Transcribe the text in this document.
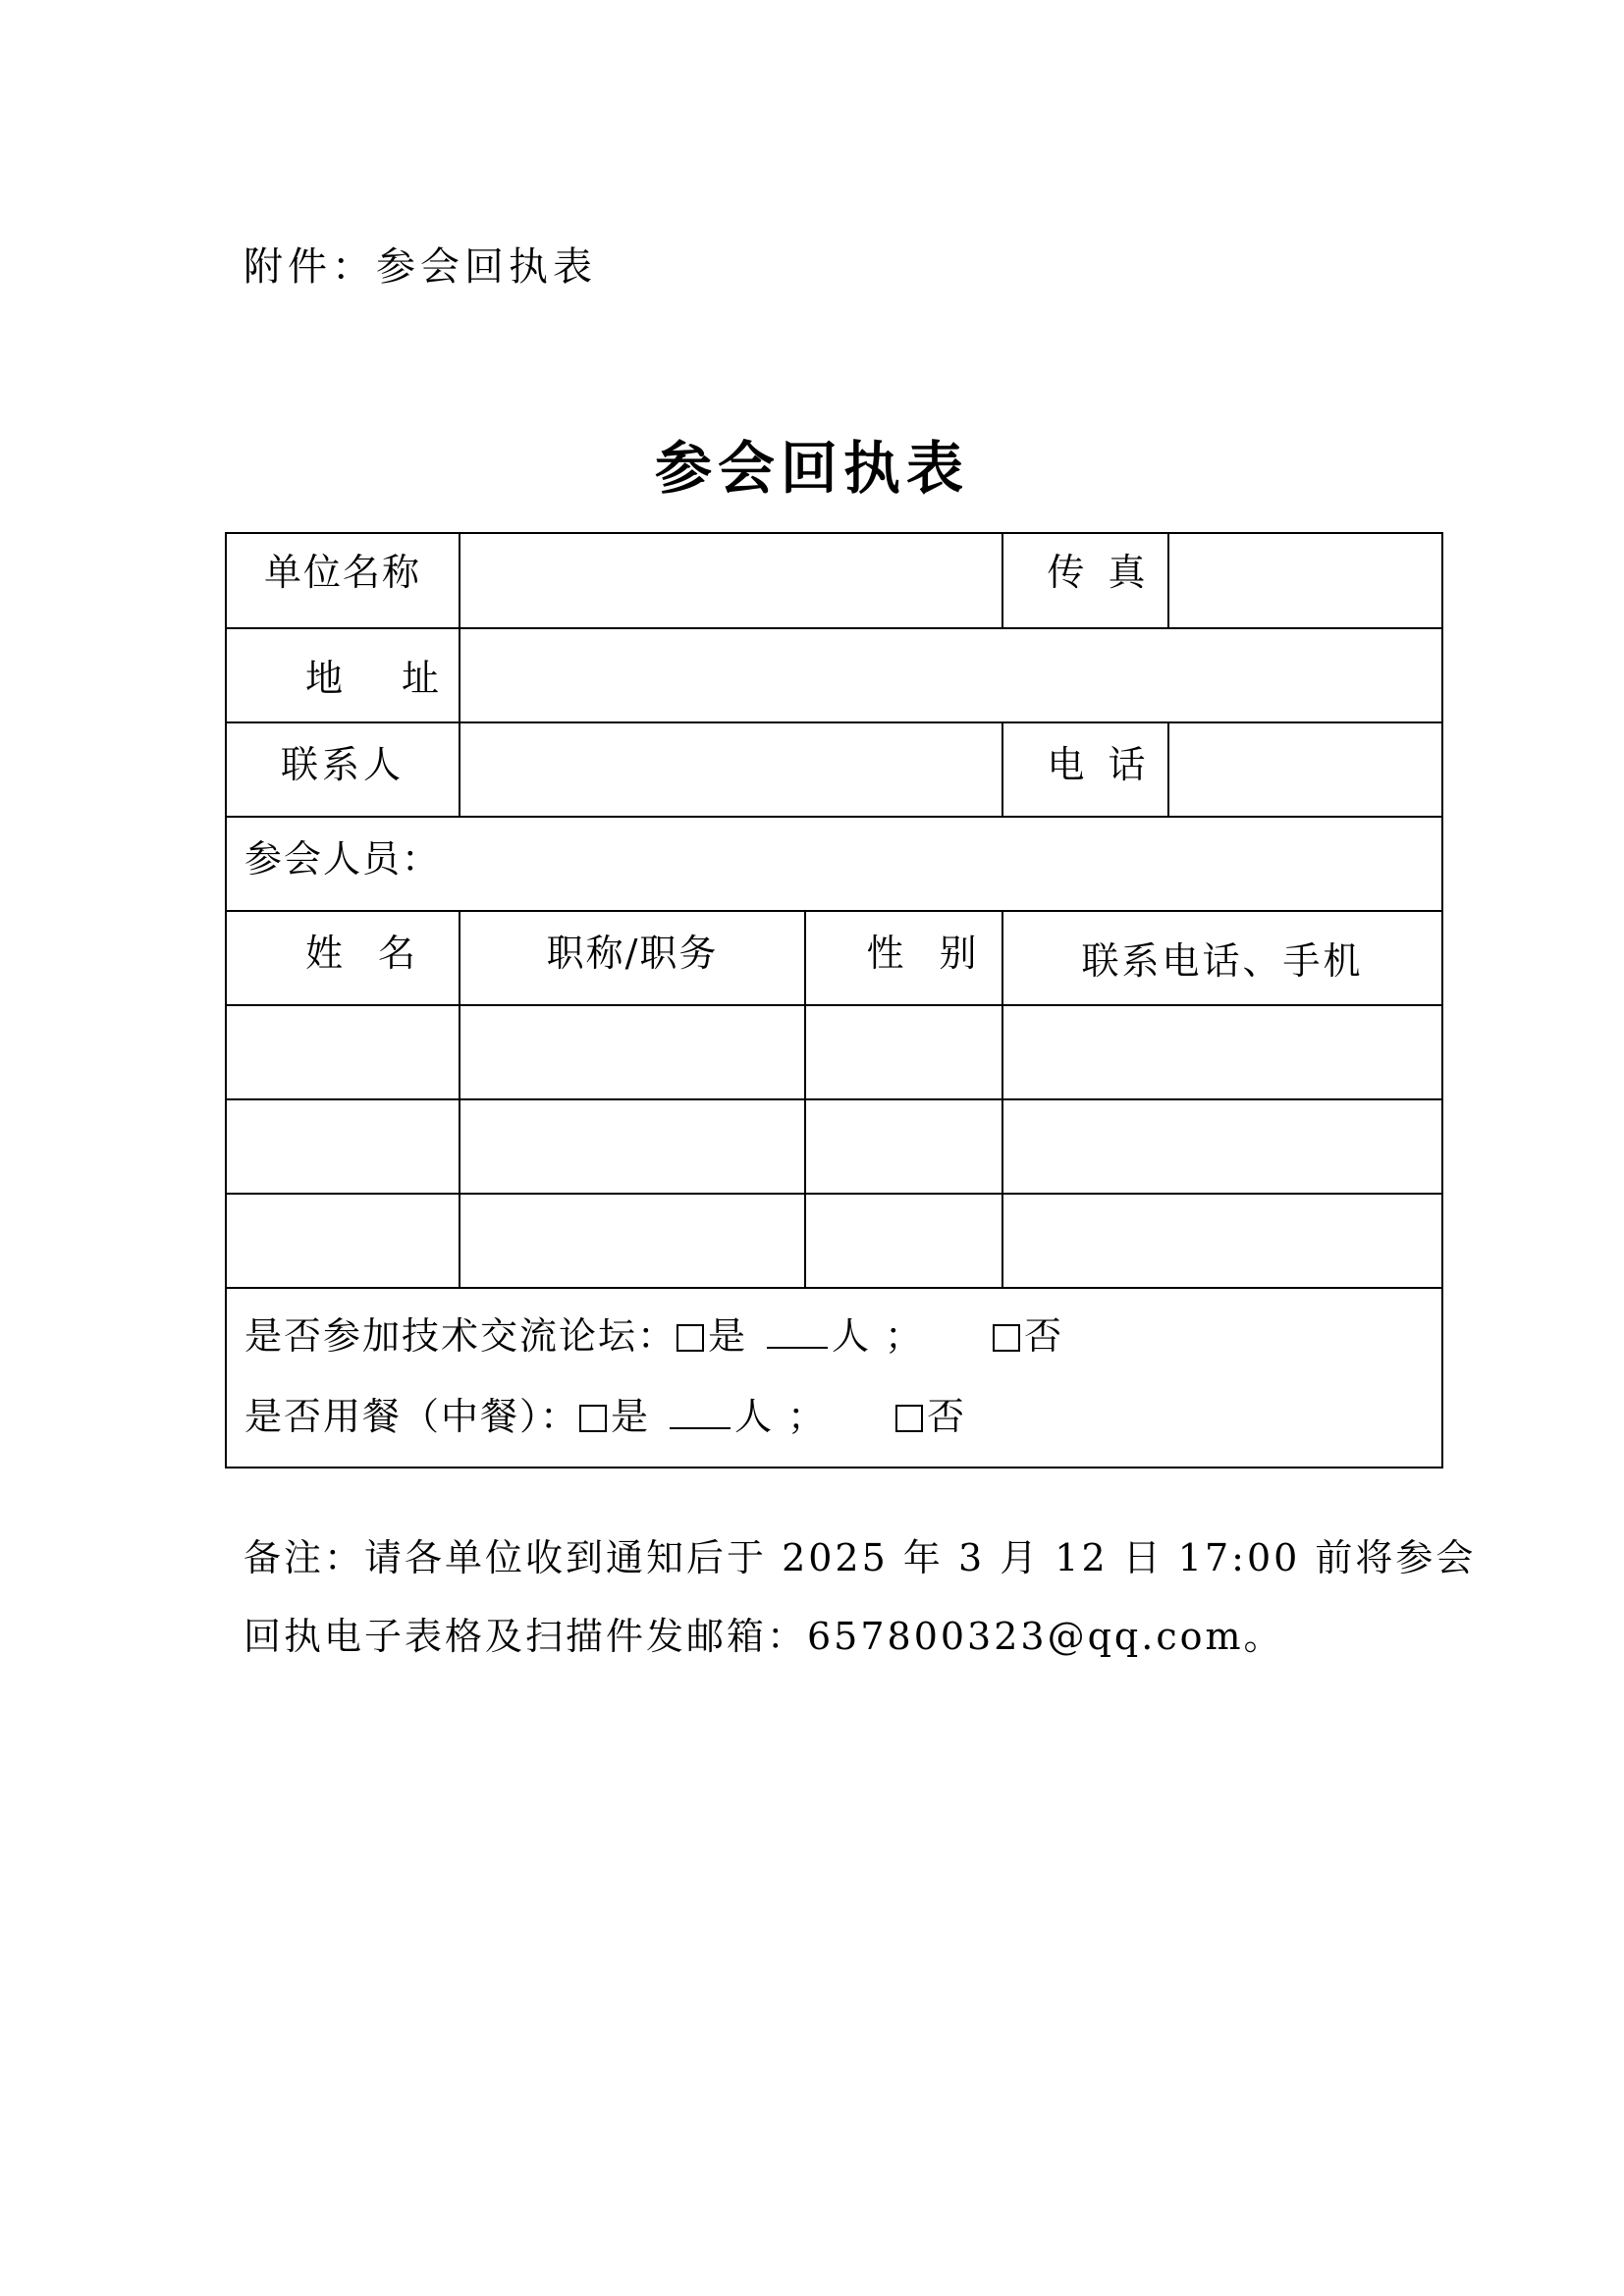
附件：参会回执表
参会回执表
单位名称	传真
地址
联系人	电话
参会人员：
姓名	职称/职务	性别	联系电话、手机
是否参加技术交流论坛： 是 人 ；	否
是否用餐（中餐）： 是 人 ；	否
备注：请各单位收到通知后于 2025 年 3 月 12 日 17:00 前将参会
回执电子表格及扫描件发邮箱：657800323@qq.com。
